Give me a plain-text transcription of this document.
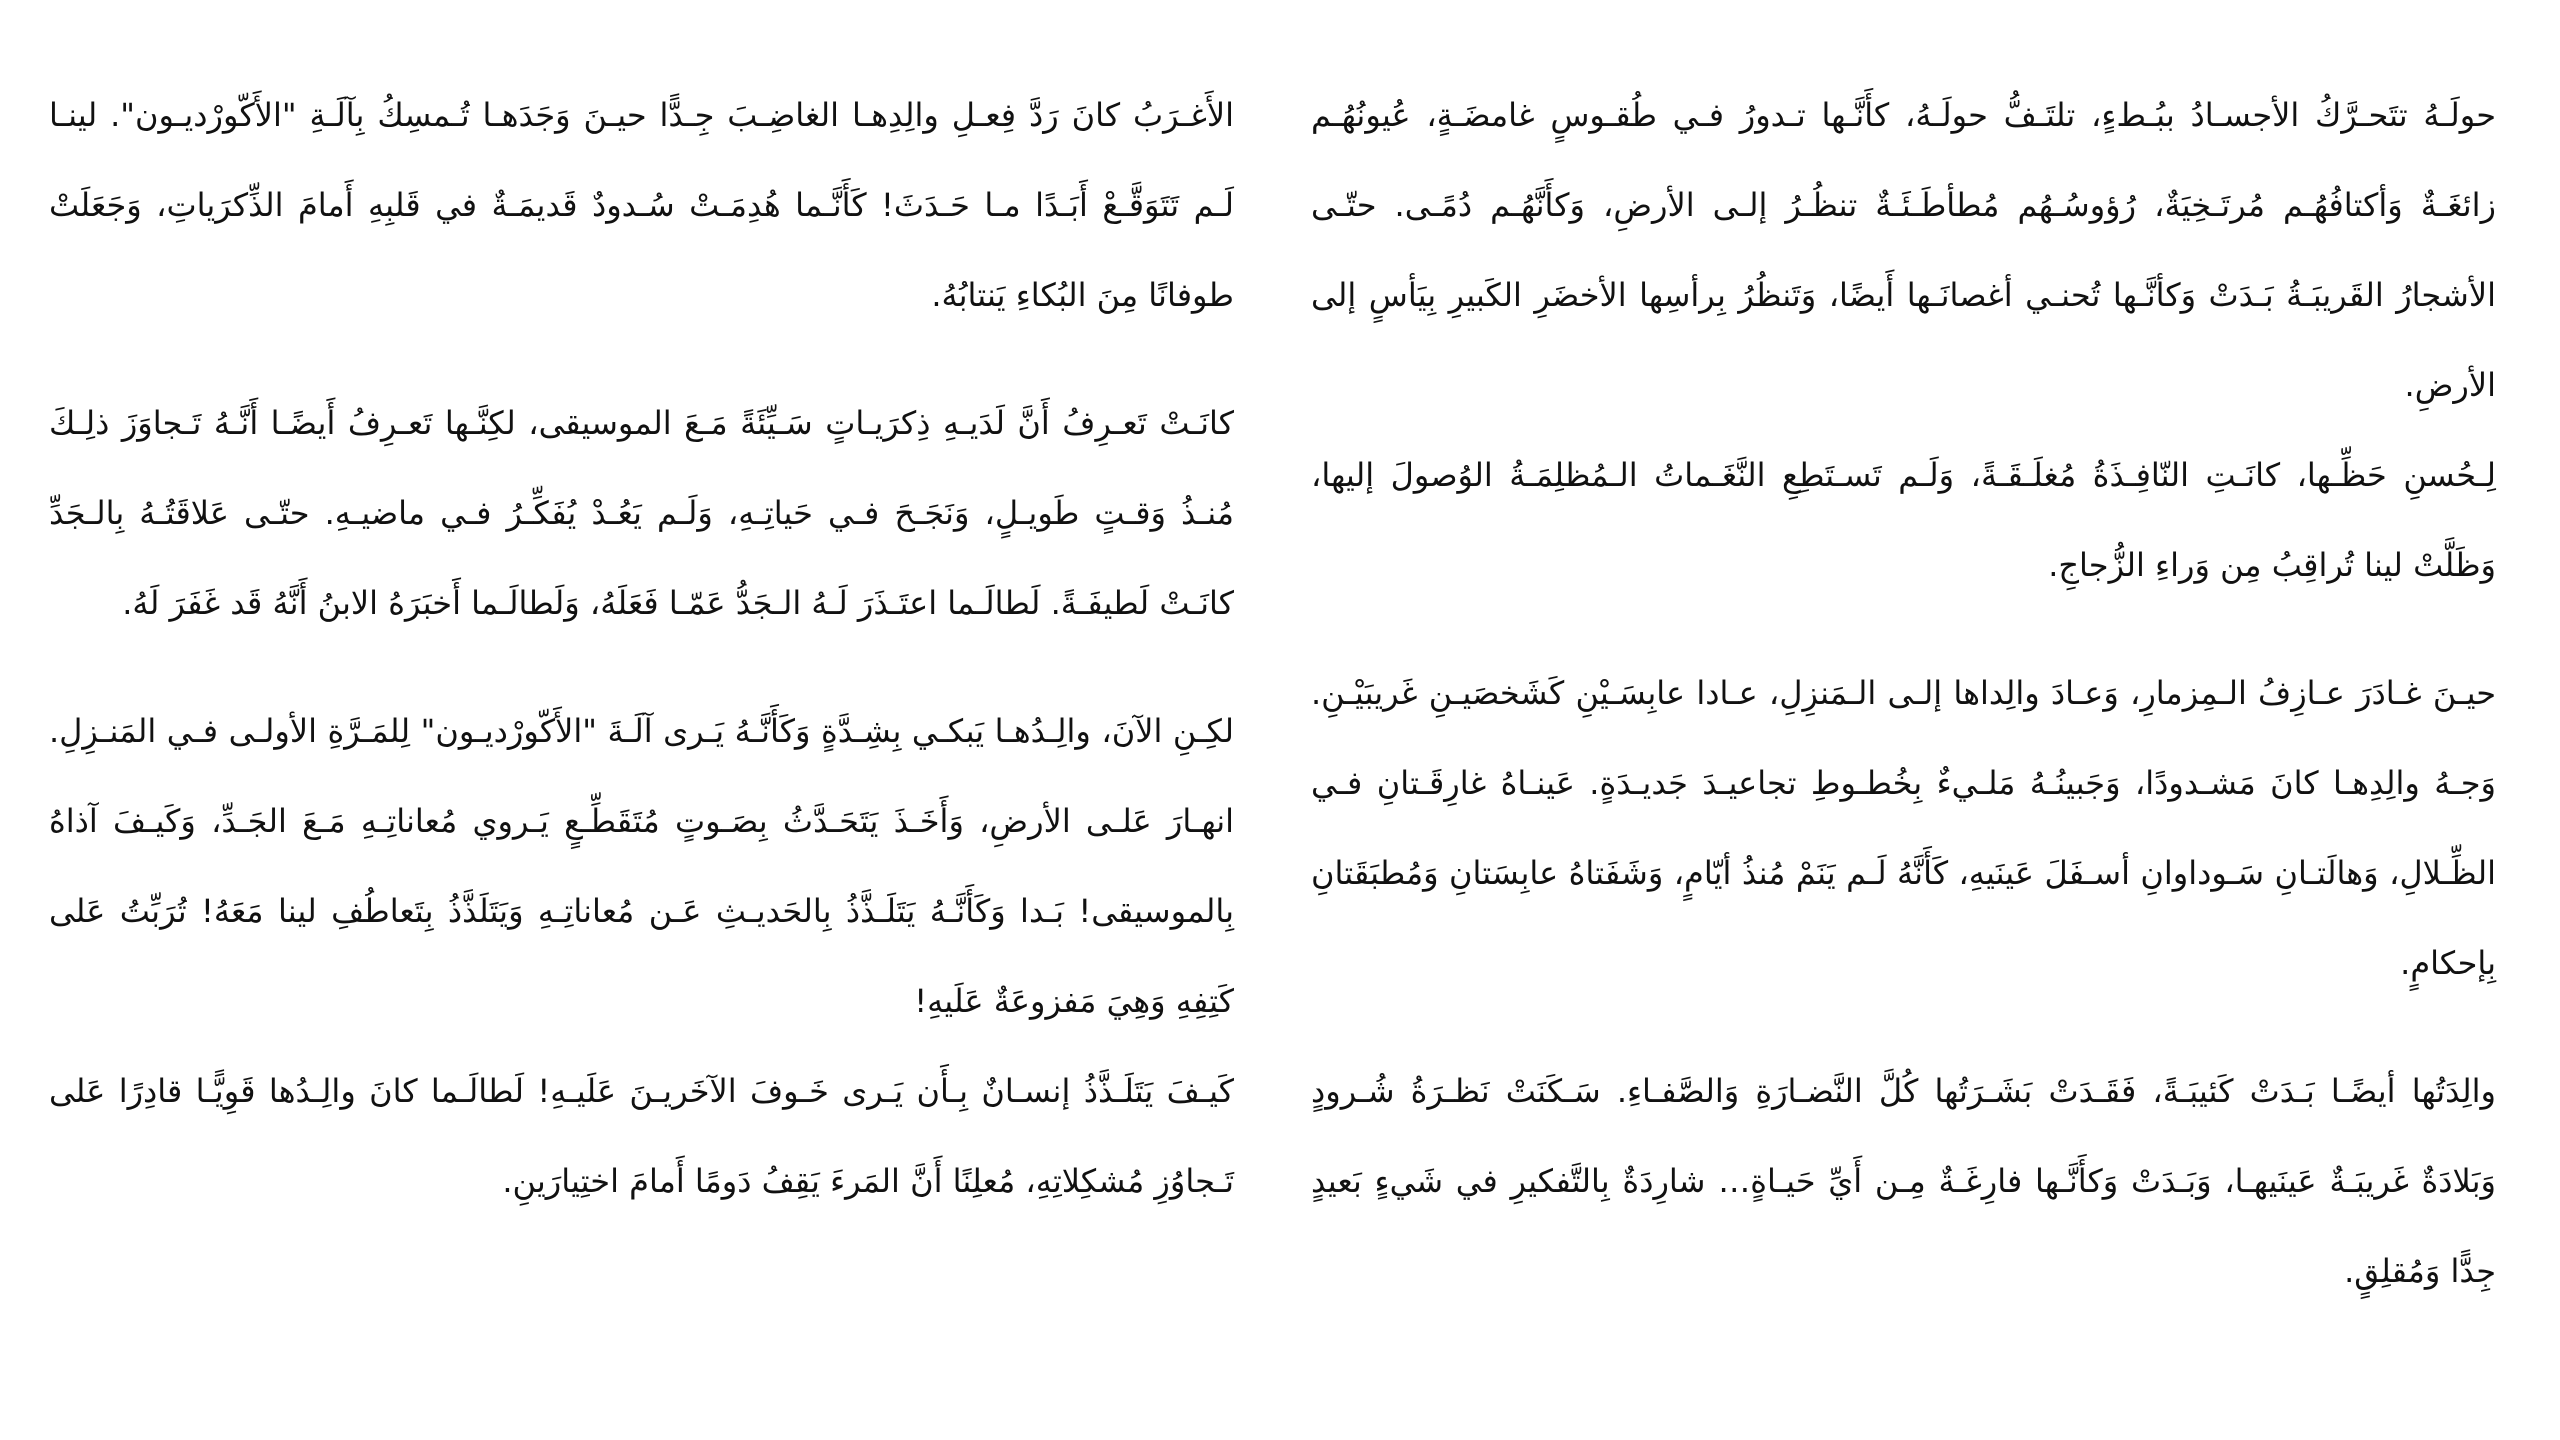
حولَـهُ تتَحـرَّكُ الأجسـادُ ببُـطءٍ، تلتَـفُّ حولَـهُ، كأَنَّـها تـدورُ فـي طُقـوسٍ غامضَـةٍ، عُيونُهُـم زائغَـةٌ وَأكتافُهُـم مُرتَـخِيَةٌ، رُؤوسُـهُم مُطأطَـئَـةٌ تنظُـرُ إلـى الأرضِ، وَكأَنَّهُـم دُمًـى. حتّـى الأشجارُ القَريبَـةُ بَـدَتْ وَكأنَّـها تُحنـي أغصانَـها أَيضًا، وَتَنظُرُ بِرأسِها الأخضَرِ الكَبيرِ بِيَأسٍ إلى الأرضِ.

لِـحُسنِ حَظِّـها، كانَـتِ النّافِـذَةُ مُغلَـقَـةً، وَلَـم تَسـتَطِعِ النَّغَـماتُ الـمُظلِمَـةُ الوُصولَ إليها، وَظَلَّتْ لينا تُراقِبُ مِن وَراءِ الزُّجاجِ.

حيـنَ غـادَرَ عـازِفُ الـمِزمارِ، وَعـادَ والِداها إلـى الـمَنزِلِ، عـادا عابِسَـيْنِ كَشَخصَيـنِ غَريبَيْـنِ. وَجـهُ والِدِهـا كانَ مَشـدودًا، وَجَبينُـهُ مَلـيءٌ بِخُطـوطِ تجاعيـدَ جَديـدَةٍ. عَينـاهُ غارِقَـتانِ فـي الظِّـلالِ، وَهالَتـانِ سَـوداوانِ أسـفَلَ عَينَيهِ، كَأَنَّهُ لَـم يَنَمْ مُنذُ أيّامٍ، وَشَفَتاهُ عابِسَتانِ وَمُطبَقَتانِ بِإحكامٍ.

والِدَتُها أيضًـا بَـدَتْ كَئيبَـةً، فَقَـدَتْ بَشَـرَتُها كُلَّ النَّضـارَةِ وَالصَّفـاءِ. سَـكَنَتْ نَظـرَةُ شُـرودٍ وَبَلادَةٌ غَريبَـةٌ عَينَيهـا، وَبَـدَتْ وَكأَنَّـها فارِغَـةٌ مِـن أَيِّ حَيـاةٍ… شارِدَةٌ بِالتَّفكيرِ في شَيءٍ بَعيدٍ جِدًّا وَمُقلِقٍ.

الأَغـرَبُ كانَ رَدَّ فِعـلِ والِدِهـا الغاضِـبَ جِـدًّا حيـنَ وَجَدَهـا تُـمسِكُ بِآلَـةِ "الأَكّورْديـون". لينـا لَـم تَتَوَقَّـعْ أَبَـدًا مـا حَـدَثَ! كَأَنَّـما هُدِمَـتْ سُـدودٌ قَديمَـةٌ في قَلبِهِ أَمامَ الذِّكرَياتِ، وَجَعَلَتْ طوفانًا مِنَ البُكاءِ يَنتابُهُ.

كانَـتْ تَعـرِفُ أَنَّ لَدَيـهِ ذِكرَيـاتٍ سَـيِّئَةً مَـعَ الموسيقى، لكِنَّـها تَعـرِفُ أَيضًـا أَنَّـهُ تَـجاوَزَ ذلِـكَ مُنـذُ وَقـتٍ طَويـلٍ، وَنَجَـحَ فـي حَياتِـهِ، وَلَـم يَعُـدْ يُفَكِّـرُ فـي ماضيـهِ. حتّـى عَلاقَتُـهُ بِالـجَدِّ كانَـتْ لَطيفَـةً. لَطالَـما اعتَـذَرَ لَـهُ الـجَدُّ عَمّـا فَعَلَهُ، وَلَطالَـما أَخبَرَهُ الابنُ أَنَّهُ قَد غَفَرَ لَهُ.

لكِـنِ الآنَ، والِـدُهـا يَبكـي بِشِـدَّةٍ وَكَأَنَّـهُ يَـرى آلَـةَ "الأَكّورْديـون" لِلمَـرَّةِ الأولـى فـي المَنـزِلِ. انهـارَ عَلـى الأرضِ، وَأَخَـذَ يَتَحَـدَّثُ بِصَـوتٍ مُتَقَطِّـعٍ يَـروي مُعاناتِـهِ مَـعَ الجَـدِّ، وَكَيـفَ آذاهُ بِالموسيقى! بَـدا وَكَأَنَّـهُ يَتَلَـذَّذُ بِالحَديـثِ عَـن مُعاناتِـهِ وَيَتَلَذَّذُ بِتَعاطُفِ لينا مَعَهُ! تُرَبِّتُ عَلى كَتِفِهِ وَهِيَ مَفزوعَةٌ عَلَيهِ!

كَيـفَ يَتَلَـذَّذُ إنسـانٌ بِـأَن يَـرى خَـوفَ الآخَريـنَ عَلَيـهِ! لَطالَـما كانَ والِـدُها قَوِيًّـا قادِرًا عَلى تَـجاوُزِ مُشكِلاتِهِ، مُعلِنًا أَنَّ المَرءَ يَقِفُ دَومًا أَمامَ اختِيارَينِ.
